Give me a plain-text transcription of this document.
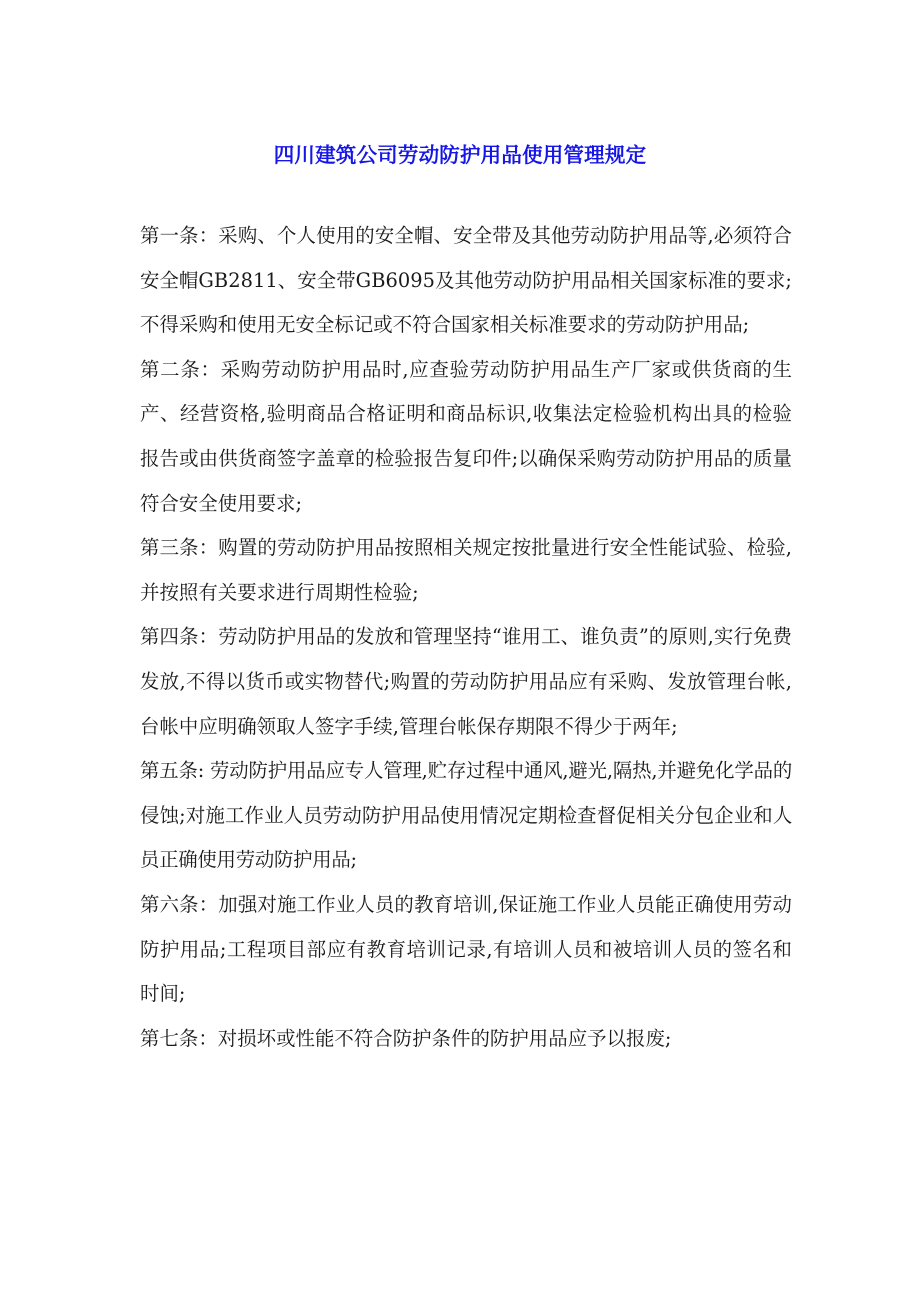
四川建筑公司劳动防护用品使用管理规定

第一条：采购、个人使用的安全帽、安全带及其他劳动防护用品等,必须符合安全帽GB2811、安全带GB6095及其他劳动防护用品相关国家标准的要求;不得采购和使用无安全标记或不符合国家相关标准要求的劳动防护用品;

第二条：采购劳动防护用品时,应查验劳动防护用品生产厂家或供货商的生产、经营资格,验明商品合格证明和商品标识,收集法定检验机构出具的检验报告或由供货商签字盖章的检验报告复印件;以确保采购劳动防护用品的质量符合安全使用要求;

第三条：购置的劳动防护用品按照相关规定按批量进行安全性能试验、检验,并按照有关要求进行周期性检验;

第四条：劳动防护用品的发放和管理坚持“谁用工、谁负责”的原则,实行免费发放,不得以货币或实物替代;购置的劳动防护用品应有采购、发放管理台帐,台帐中应明确领取人签字手续,管理台帐保存期限不得少于两年;

第五条: 劳动防护用品应专人管理,贮存过程中通风,避光,隔热,并避免化学品的侵蚀;对施工作业人员劳动防护用品使用情况定期检查督促相关分包企业和人员正确使用劳动防护用品;

第六条：加强对施工作业人员的教育培训,保证施工作业人员能正确使用劳动防护用品;工程项目部应有教育培训记录,有培训人员和被培训人员的签名和时间;

第七条：对损坏或性能不符合防护条件的防护用品应予以报废;
